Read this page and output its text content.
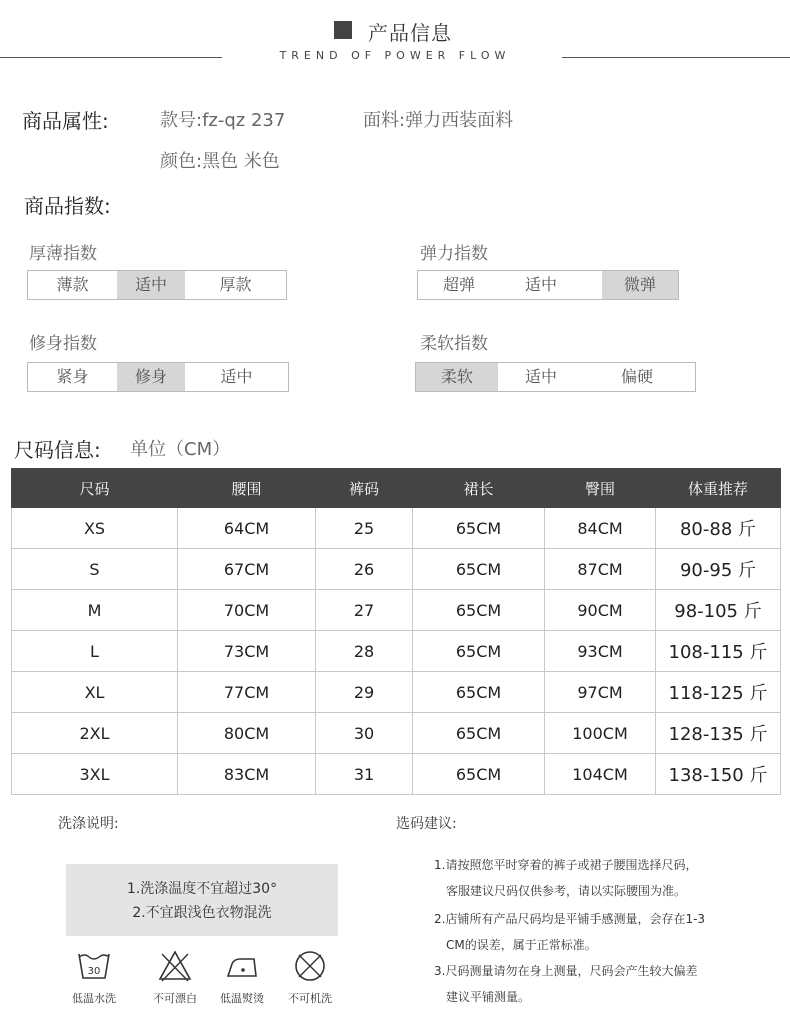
产品信息
TREND OF POWER FLOW
商品属性:	款号:fz-qz 237	面料:弹力西装面料
颜色:黑色 米色
商品指数:
厚薄指数
薄款	适中	厚款
弹力指数
超弹	适中	微弹
修身指数
紧身	修身	适中
柔软指数
柔软	适中	偏硬
尺码信息: 单位（CM）
尺码	腰围	裤码	裙长	臀围	体重推荐
XS	64CM	25	65CM	84CM	80-88 斤
S	67CM	26	65CM	87CM	90-95 斤
M	70CM	27	65CM	90CM	98-105 斤
L	73CM	28	65CM	93CM	108-115 斤
XL	77CM	29	65CM	97CM	118-125 斤
2XL	80CM	30	65CM	100CM	128-135 斤
3XL	83CM	31	65CM	104CM	138-150 斤
洗涤说明:
1.洗涤温度不宜超过30°
2.不宜跟浅色衣物混洗
30
低温水洗	不可漂白	低温熨烫	不可机洗
选码建议:
1.请按照您平时穿着的裤子或裙子腰围选择尺码，
客服建议尺码仅供参考，请以实际腰围为准。
2.店铺所有产品尺码均是平铺手感测量，会存在1-3
CM的误差，属于正常标准。
3.尺码测量请勿在身上测量，尺码会产生较大偏差
建议平铺测量。
